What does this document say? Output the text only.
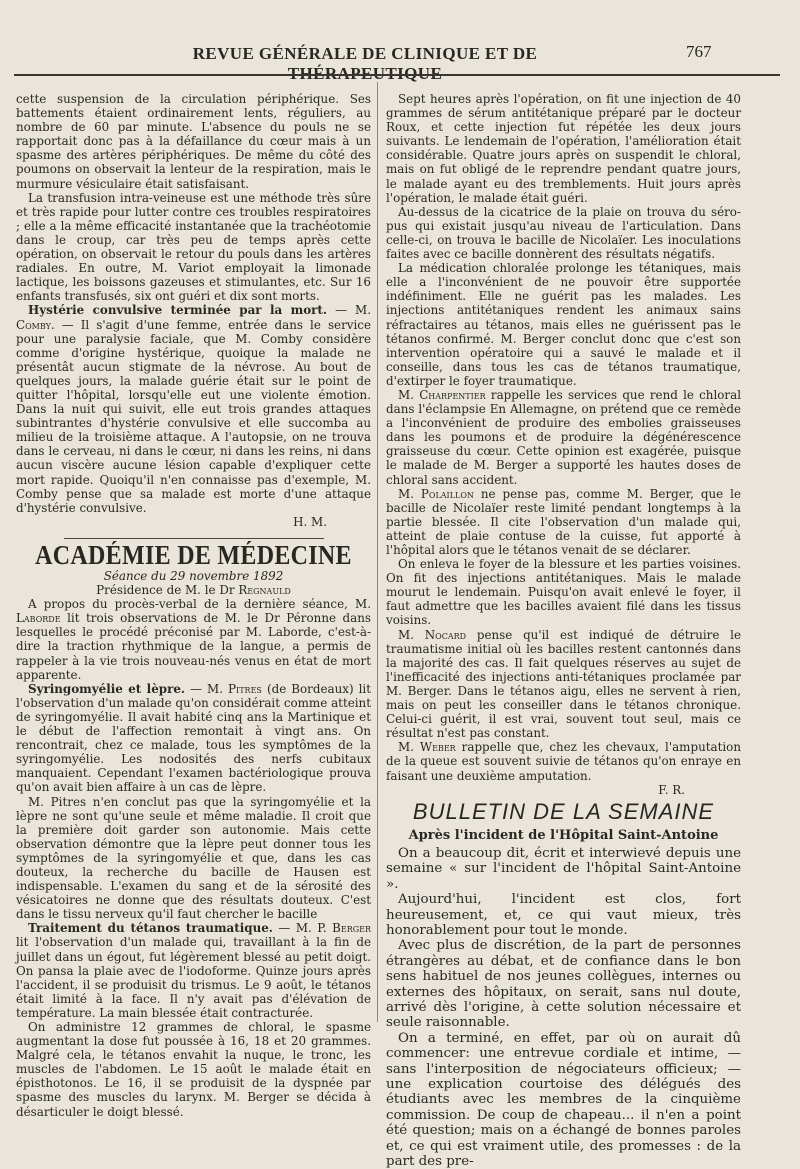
REVUE GÉNÉRALE DE CLINIQUE ET DE	767

cette suspension de la circulation périphérique. Ses battements étaient ordinairement lents, réguliers, au nombre de 60 par minute. L'absence du pouls ne se rapportait donc pas à la défaillance du cœur mais à un spasme des artères périphériques. De même du côté des poumons on observait la lenteur de la respiration, mais le murmure vésiculaire était satisfaisant.

La transfusion intra-veineuse est une méthode très sûre et très rapide pour lutter contre ces troubles respiratoires ; elle a la même efficacité instantanée que la trachéotomie dans le croup, car très peu de temps après cette opération, on observait le retour du pouls dans les artères radiales. En outre, M. Variot employait la limonade lactique, les boissons gazeuses et stimulantes, etc. Sur 16 enfants transfusés, six ont guéri et dix sont morts.

Hystérie convulsive terminée par la mort. — M. Comby. — Il s'agit d'une femme, entrée dans le service pour une paralysie faciale, que M. Comby considère comme d'origine hystérique, quoique la malade ne présentât aucun stigmate de la névrose. Au bout de quelques jours, la malade guérie était sur le point de quitter l'hôpital, lorsqu'elle eut une violente émotion. Dans la nuit qui suivit, elle eut trois grandes attaques subintrantes d'hystérie convulsive et elle succomba au milieu de la troisième attaque. A l'autopsie, on ne trouva dans le cerveau, ni dans le cœur, ni dans les reins, ni dans aucun viscère aucune lésion capable d'expliquer cette mort rapide. Quoiqu'il n'en connaisse pas d'exemple, M. Comby pense que sa malade est morte d'une attaque d'hystérie convulsive.

H. M.

ACADÉMIE DE MÉDECINE

Séance du 29 novembre 1892

Présidence de M. le Dr Regnauld

A propos du procès-verbal de la dernière séance, M. Laborde lit trois observations de M. le Dr Péronne dans lesquelles le procédé préconisé par M. Laborde, c'est-à-dire la traction rhythmique de la langue, a permis de rappeler à la vie trois nouveau-nés venus en état de mort apparente.

Syringomyélie et lèpre. — M. Pitres (de Bordeaux) lit l'observation d'un malade qu'on considérait comme atteint de syringomyélie. Il avait habité cinq ans la Martinique et le début de l'affection remontait à vingt ans. On rencontrait, chez ce malade, tous les symptômes de la syringomyélie. Les nodosités des nerfs cubitaux manquaient. Cependant l'examen bactériologique prouva qu'on avait bien affaire à un cas de lèpre.

M. Pitres n'en conclut pas que la syringomyélie et la lèpre ne sont qu'une seule et même maladie. Il croit que la première doit garder son autonomie. Mais cette observation démontre que la lèpre peut donner tous les symptômes de la syringomyélie et que, dans les cas douteux, la recherche du bacille de Hausen est indispensable. L'examen du sang et de la sérosité des vésicatoires ne donne que des résultats douteux. C'est dans le tissu nerveux qu'il faut chercher le bacille

Traitement du tétanos traumatique. — M. P. Berger lit l'observation d'un malade qui, travaillant à la fin de juillet dans un égout, fut légèrement blessé au petit doigt. On pansa la plaie avec de l'iodoforme. Quinze jours après l'accident, il se produisit du trismus. Le 9 août, le tétanos était limité à la face. Il n'y avait pas d'élévation de température. La main blessée était contracturée.

On administre 12 grammes de chloral, le spasme augmentant la dose fut poussée à 16, 18 et 20 grammes. Malgré cela, le tétanos envahit la nuque, le tronc, les muscles de l'abdomen. Le 15 août le malade était en épisthotonos. Le 16, il se produisit de la dyspnée par spasme des muscles du larynx. M. Berger se décida à désarticuler le doigt blessé.

Sept heures après l'opération, on fit une injection de 40 grammes de sérum antitétanique préparé par le docteur Roux, et cette injection fut répétée les deux jours suivants. Le lendemain de l'opération, l'amélioration était considérable. Quatre jours après on suspendit le chloral, mais on fut obligé de le reprendre pendant quatre jours, le malade ayant eu des tremblements. Huit jours après l'opération, le malade était guéri.

Au-dessus de la cicatrice de la plaie on trouva du séro-pus qui existait jusqu'au niveau de l'articulation. Dans celle-ci, on trouva le bacille de Nicolaïer. Les inoculations faites avec ce bacille donnèrent des résultats négatifs.

La médication chloralée prolonge les tétaniques, mais elle a l'inconvénient de ne pouvoir être supportée indéfiniment. Elle ne guérit pas les malades. Les injections antitétaniques rendent les animaux sains réfractaires au tétanos, mais elles ne guérissent pas le tétanos confirmé. M. Berger conclut donc que c'est son intervention opératoire qui a sauvé le malade et il conseille, dans tous les cas de tétanos traumatique, d'extirper le foyer traumatique.

M. Charpentier rappelle les services que rend le chloral dans l'éclampsie En Allemagne, on prétend que ce remède a l'inconvénient de produire des embolies graisseuses dans les poumons et de produire la dégénérescence graisseuse du cœur. Cette opinion est exagérée, puisque le malade de M. Berger a supporté les hautes doses de chloral sans accident.

M. Polaillon ne pense pas, comme M. Berger, que le bacille de Nicolaïer reste limité pendant longtemps à la partie blessée. Il cite l'observation d'un malade qui, atteint de plaie contuse de la cuisse, fut apporté à l'hôpital alors que le tétanos venait de se déclarer.

On enleva le foyer de la blessure et les parties voisines. On fit des injections antitétaniques. Mais le malade mourut le lendemain. Puisqu'on avait enlevé le foyer, il faut admettre que les bacilles avaient filé dans les tissus voisins.

M. Nocard pense qu'il est indiqué de détruire le traumatisme initial où les bacilles restent cantonnés dans la majorité des cas. Il fait quelques réserves au sujet de l'inefficacité des injections anti-tétaniques proclamée par M. Berger. Dans le tétanos aigu, elles ne servent à rien, mais on peut les conseiller dans le tétanos chronique. Celui-ci guérit, il est vrai, souvent tout seul, mais ce résultat n'est pas constant.

M. Weber rappelle que, chez les chevaux, l'amputation de la queue est souvent suivie de tétanos qu'on enraye en faisant une deuxième amputation.

F. R.

BULLETIN DE LA SEMAINE
Après l'incident de l'Hôpital Saint-Antoine

On a beaucoup dit, écrit et interwievé depuis une semaine « sur l'incident de l'hôpital Saint-Antoine ».

Aujourd'hui, l'incident est clos, fort heureusement, et, ce qui vaut mieux, très honorablement pour tout le monde.

Avec plus de discrétion, de la part de personnes étrangères au débat, et de confiance dans le bon sens habituel de nos jeunes collègues, internes ou externes des hôpitaux, on serait, sans nul doute, arrivé dès l'origine, à cette solution nécessaire et seule raisonnable.

On a terminé, en effet, par où on aurait dû commencer: une entrevue cordiale et intime, — sans l'interposition de négociateurs officieux; — une explication courtoise des délégués des étudiants avec les membres de la cinquième commission. De coup de chapeau... il n'en a point été question; mais on a échangé de bonnes paroles et, ce qui est vraiment utile, des promesses : de la part des pre-
